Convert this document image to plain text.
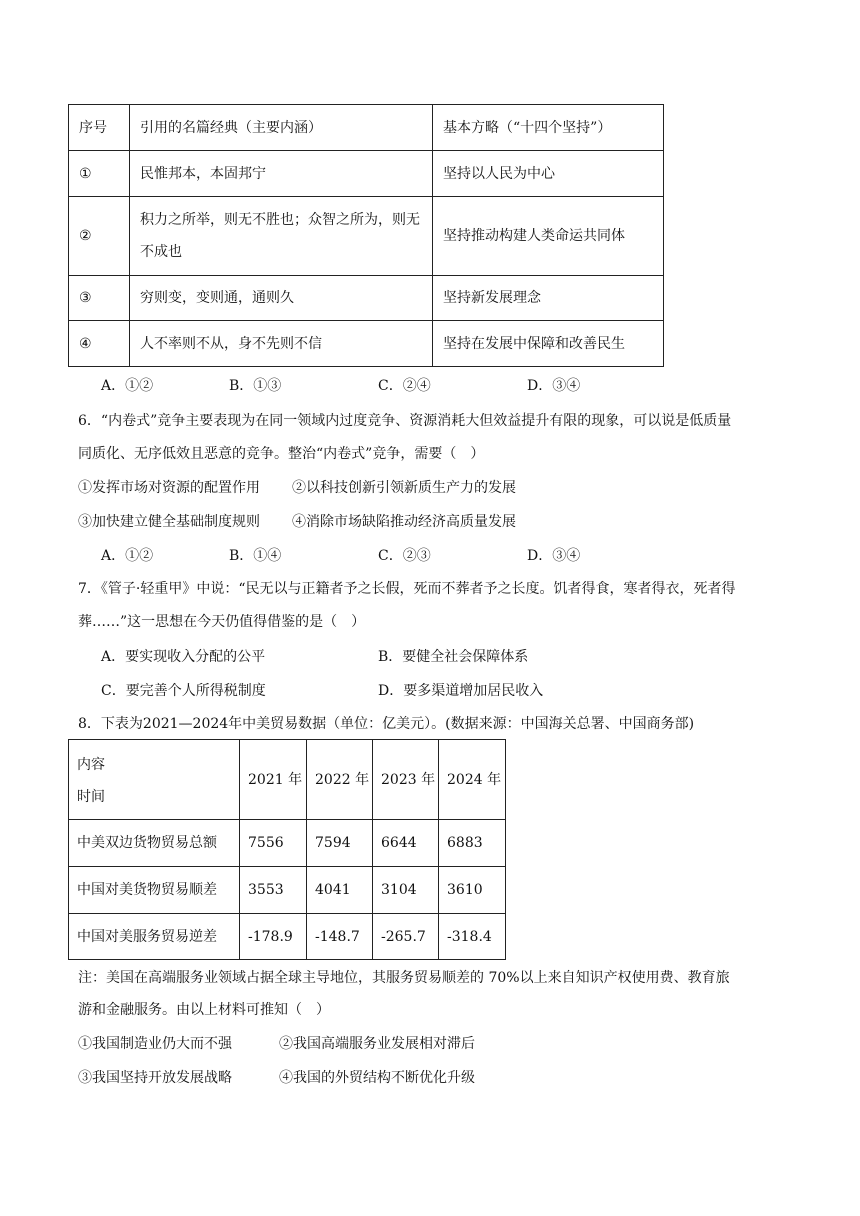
序号	引用的名篇经典（主要内涵）	基本方略（“十四个坚持”）
①	民惟邦本，本固邦宁	坚持以人民为中心
②	积力之所举，则无不胜也；众智之所为，则无不成也	坚持推动构建人类命运共同体
③	穷则变，变则通，通则久	坚持新发展理念
④	人不率则不从，身不先则不信	坚持在发展中保障和改善民生
A．①②	B．①③	C．②④	D．③④
6．“内卷式”竞争主要表现为在同一领域内过度竞争、资源消耗大但效益提升有限的现象，可以说是低质量
同质化、无序低效且恶意的竞争。整治“内卷式”竞争，需要（　）
①发挥市场对资源的配置作用 ②以科技创新引领新质生产力的发展
③加快建立健全基础制度规则 ④消除市场缺陷推动经济高质量发展
A．①②	B．①④	C．②③	D．③④
7．《管子·轻重甲》中说：“民无以与正籍者予之长假，死而不葬者予之长度。饥者得食，寒者得衣，死者得
葬……”这一思想在今天仍值得借鉴的是（　）
A．要实现收入分配的公平	B．要健全社会保障体系
C．要完善个人所得税制度	D．要多渠道增加居民收入
8．下表为2021—2024年中美贸易数据（单位：亿美元）。(数据来源：中国海关总署、中国商务部)
内容
时间	2021 年	2022 年	2023 年	2024 年
中美双边货物贸易总额	7556	7594	6644	6883
中国对美货物贸易顺差	3553	4041	3104	3610
中国对美服务贸易逆差	-178.9	-148.7	-265.7	-318.4
注：美国在高端服务业领域占据全球主导地位，其服务贸易顺差的 70%以上来自知识产权使用费、教育旅
游和金融服务。由以上材料可推知（　）
①我国制造业仍大而不强	②我国高端服务业发展相对滞后
③我国坚持开放发展战略	④我国的外贸结构不断优化升级
